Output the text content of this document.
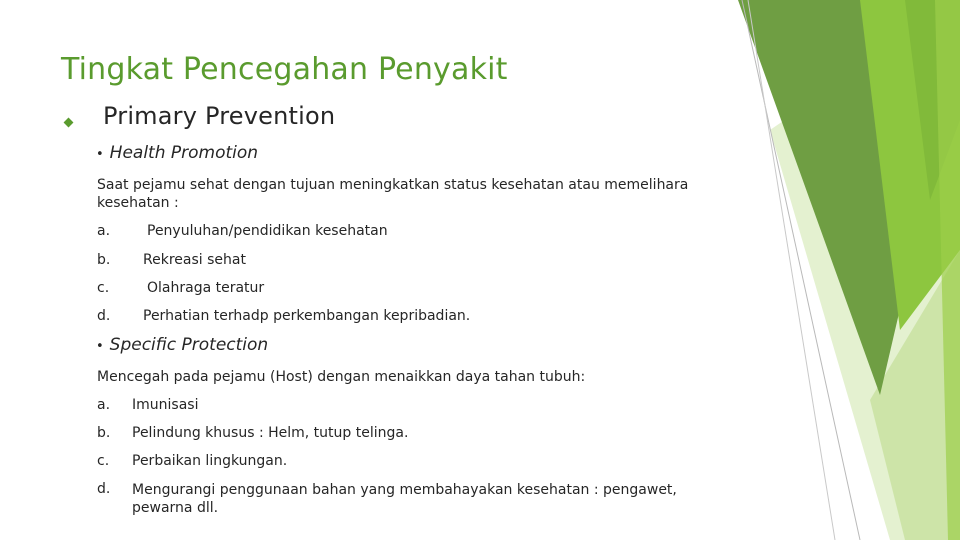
Tingkat Pencegahan Penyakit
Primary Prevention
• Health Promotion
Saat pejamu sehat dengan tujuan meningkatkan status kesehatan atau memelihara kesehatan :
a.	Penyuluhan/pendidikan kesehatan
b. Rekreasi sehat
c.	Olahraga teratur
d. Perhatian terhadp perkembangan kepribadian.
• Specific Protection
Mencegah pada pejamu (Host) dengan menaikkan daya tahan tubuh:
a. Imunisasi
b. Pelindung khusus : Helm, tutup telinga.
c. Perbaikan lingkungan.
d. Mengurangi penggunaan bahan yang membahayakan kesehatan : pengawet, pewarna dll.
